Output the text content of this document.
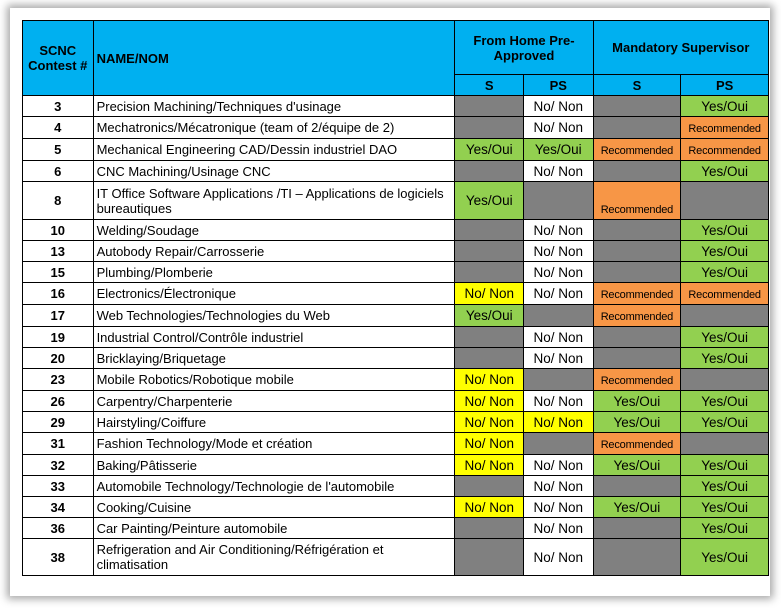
SCNC Contest #	NAME/NOM	From Home Pre-Approved		Mandatory Supervisor	
		S	PS	S	PS
3	Precision Machining/Techniques d'usinage		No/ Non		Yes/Oui
4	Mechatronics/Mécatronique (team of 2/équipe de 2)		No/ Non		Recommended
5	Mechanical Engineering CAD/Dessin industriel DAO	Yes/Oui	Yes/Oui	Recommended	Recommended
6	CNC Machining/Usinage CNC		No/ Non		Yes/Oui
8	IT Office Software Applications /TI – Applications de logiciels bureautiques	Yes/Oui		Recommended	
10	Welding/Soudage		No/ Non		Yes/Oui
13	Autobody Repair/Carrosserie		No/ Non		Yes/Oui
15	Plumbing/Plomberie		No/ Non		Yes/Oui
16	Electronics/Électronique	No/ Non	No/ Non	Recommended	Recommended
17	Web Technologies/Technologies du Web	Yes/Oui		Recommended	
19	Industrial Control/Contrôle industriel		No/ Non		Yes/Oui
20	Bricklaying/Briquetage		No/ Non		Yes/Oui
23	Mobile Robotics/Robotique mobile	No/ Non		Recommended	
26	Carpentry/Charpenterie	No/ Non	No/ Non	Yes/Oui	Yes/Oui
29	Hairstyling/Coiffure	No/ Non	No/ Non	Yes/Oui	Yes/Oui
31	Fashion Technology/Mode et création	No/ Non		Recommended	
32	Baking/Pâtisserie	No/ Non	No/ Non	Yes/Oui	Yes/Oui
33	Automobile Technology/Technologie de l'automobile		No/ Non		Yes/Oui
34	Cooking/Cuisine	No/ Non	No/ Non	Yes/Oui	Yes/Oui
36	Car Painting/Peinture automobile		No/ Non		Yes/Oui
38	Refrigeration and Air Conditioning/Réfrigération et climatisation		No/ Non		Yes/Oui
